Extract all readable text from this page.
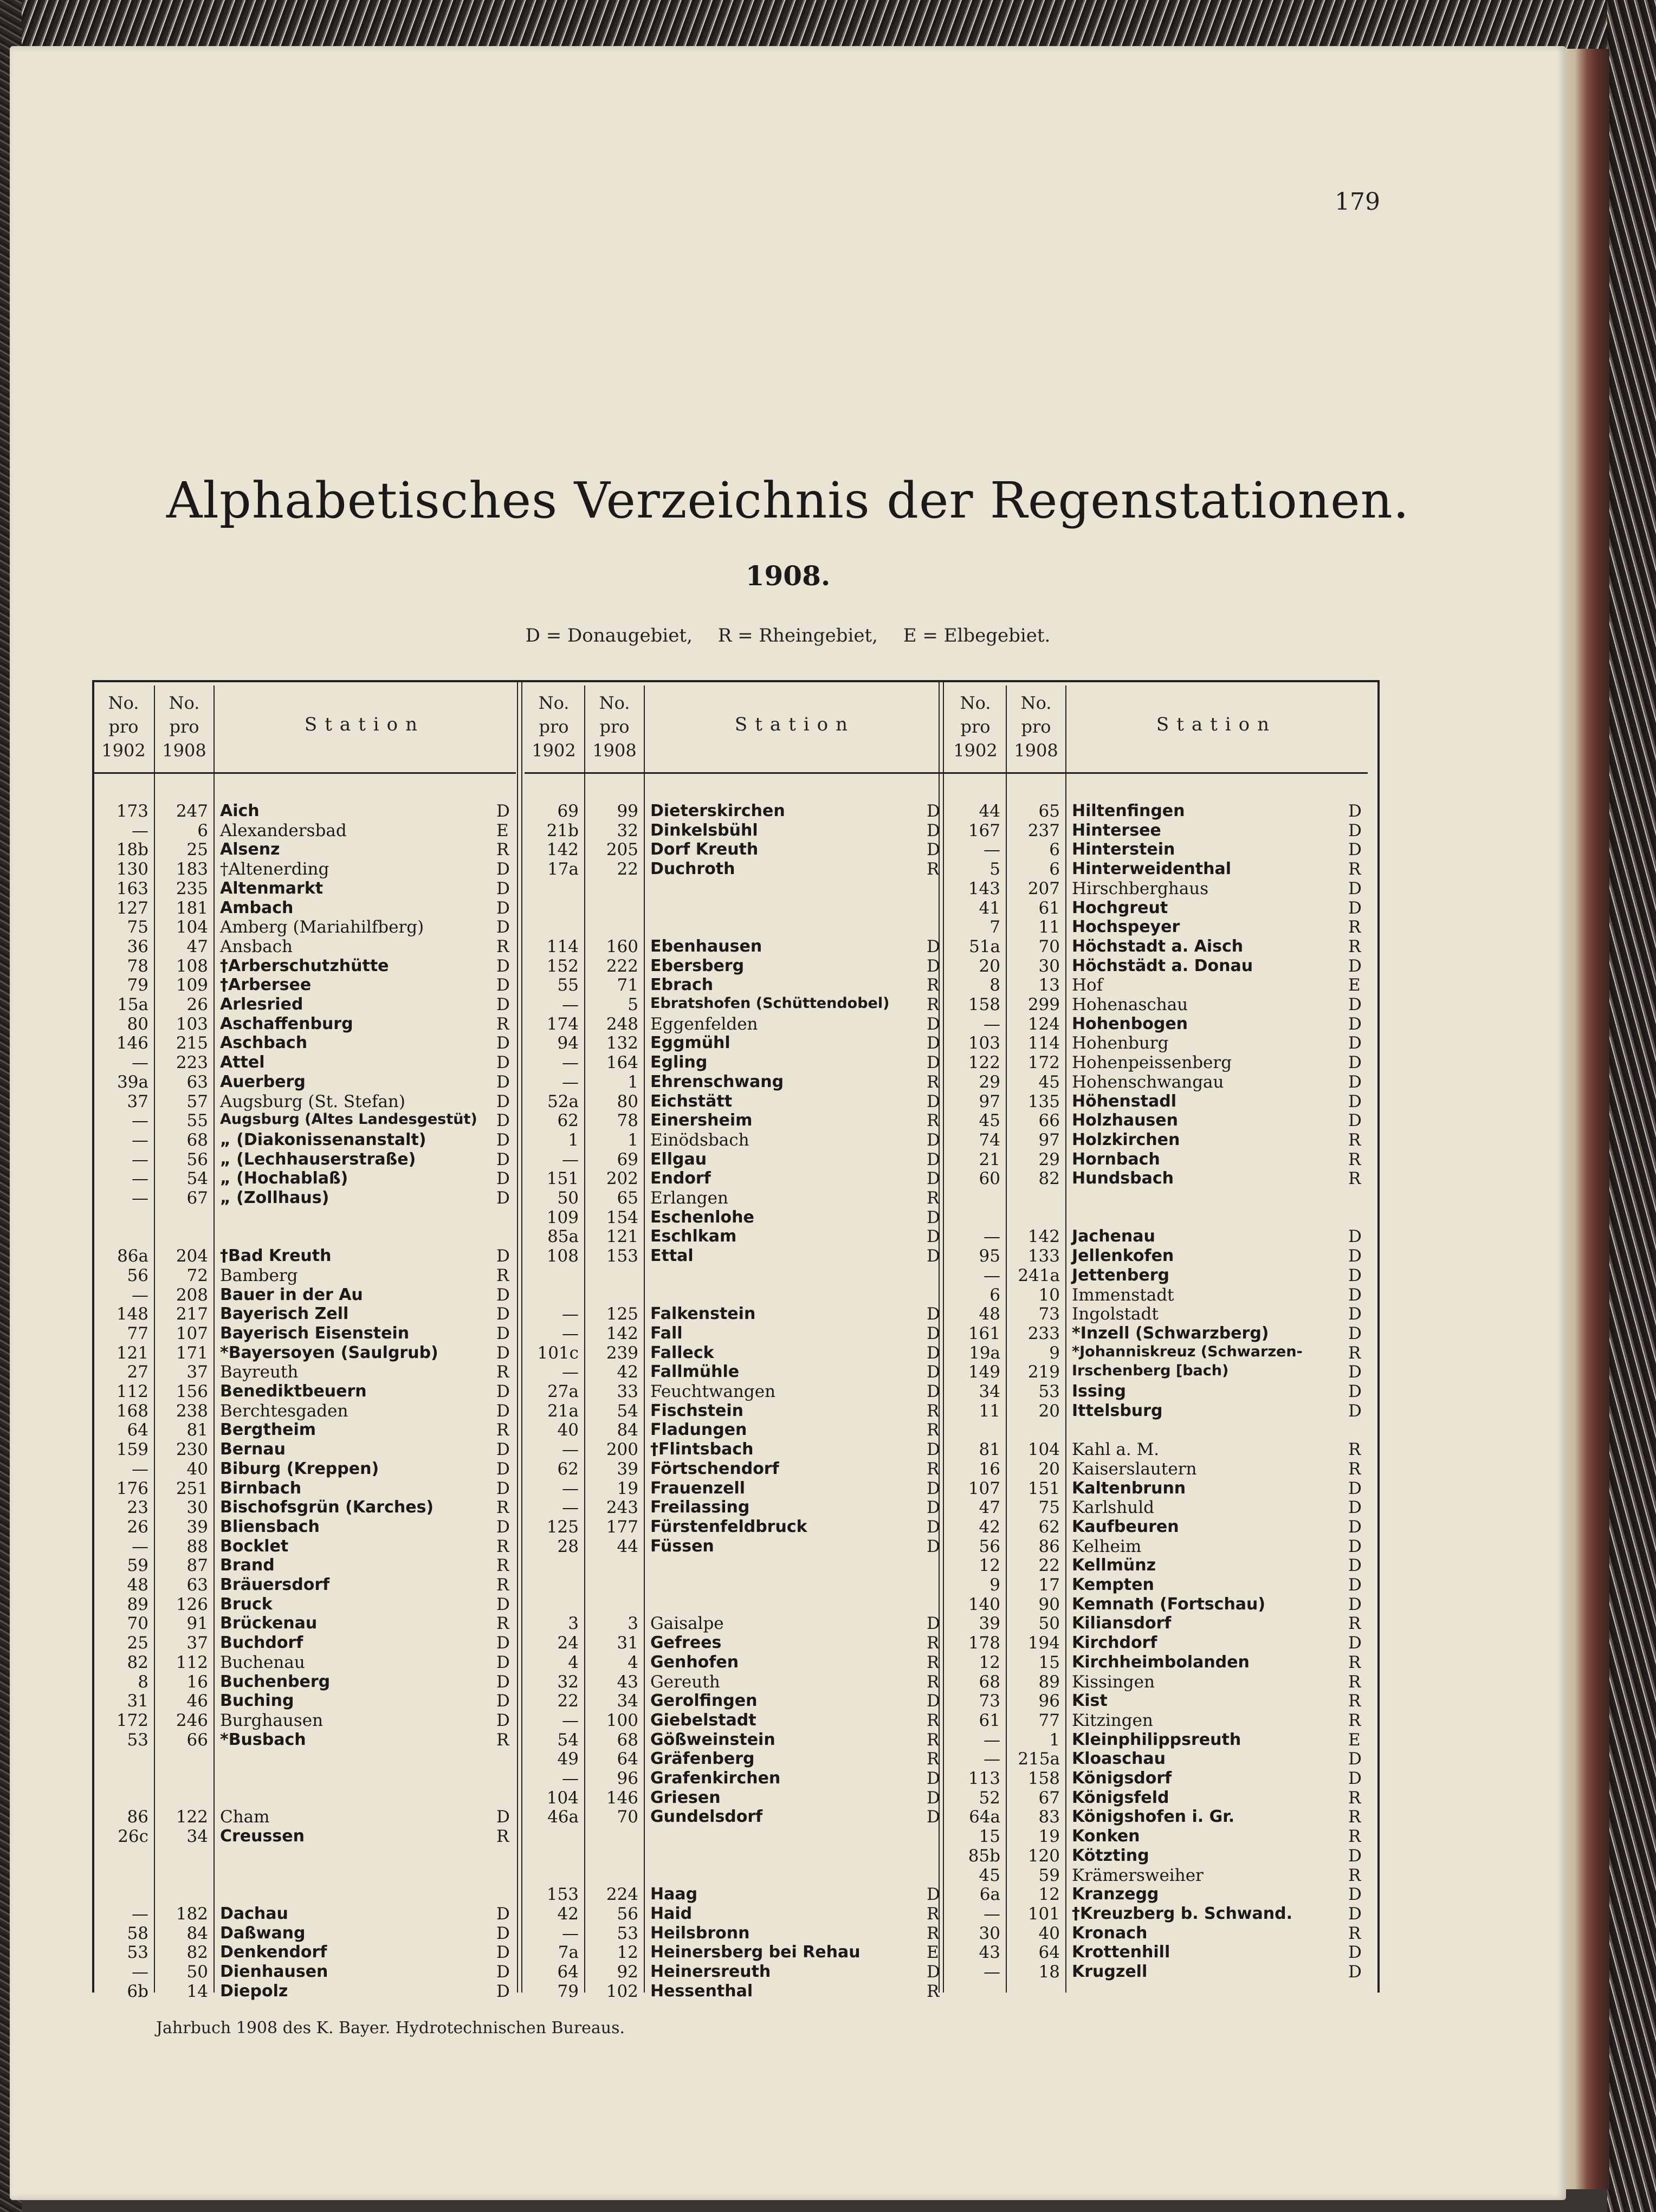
179
Alphabetisches Verzeichnis der Regenstationen.
1908.
D = Donaugebiet, R = Rheingebiet, E = Elbegebiet.
No.
pro
1902
No.
pro
1908
Station
173	247 Aich	D
—	6 Alexandersbad	E
18b	25 Alsenz	R
130	183 †Altenerding	D
163	235 Altenmarkt	D
127	181 Ambach	D
75	104 Amberg (Mariahilfberg)	D
36	47 Ansbach	R
78	108 †Arberschutzhütte	D
79	109 †Arbersee	D
15a	26 Arlesried	D
80	103 Aschaffenburg	R
146	215 Aschbach	D
—	223 Attel	D
39a	63 Auerberg	D
37	57 Augsburg (St. Stefan)	D
—	55 Augsburg (Altes Landesgestüt)	D
—	68 „ (Diakonissenanstalt)	D
—	56 „ (Lechhauserstraße)	D
—	54 „ (Hochablaß)	D
—	67 „ (Zollhaus)	D
86a	204 †Bad Kreuth	D
56	72 Bamberg	R
—	208 Bauer in der Au	D
148	217 Bayerisch Zell	D
77	107 Bayerisch Eisenstein	D
121	171 *Bayersoyen (Saulgrub)	D
27	37 Bayreuth	R
112	156 Benediktbeuern	D
168	238 Berchtesgaden	D
64	81 Bergtheim	R
159	230 Bernau	D
—	40 Biburg (Kreppen)	D
176	251 Birnbach	D
23	30 Bischofsgrün (Karches)	R
26	39 Bliensbach	D
—	88 Bocklet	R
59	87 Brand	R
48	63 Bräuersdorf	R
89	126 Bruck	D
70	91 Brückenau	R
25	37 Buchdorf	D
82	112 Buchenau	D
8	16 Buchenberg	D
31	46 Buching	D
172	246 Burghausen	D
53	66 *Busbach	R
86	122 Cham	D
26c	34 Creussen	R
—	182 Dachau	D
58	84 Daßwang	D
53	82 Denkendorf	D
—	50 Dienhausen	D
6b	14 Diepolz	D
No.
pro
1902
No.
pro
1908
Station
69	99 Dieterskirchen	D
21b	32 Dinkelsbühl	D
142	205 Dorf Kreuth	D
17a	22 Duchroth	R
114	160 Ebenhausen	D
152	222 Ebersberg	D
55	71 Ebrach	R
—	5 Ebratshofen (Schüttendobel)	R
174	248 Eggenfelden	D
94	132 Eggmühl	D
—	164 Egling	D
—	1 Ehrenschwang	R
52a	80 Eichstätt	D
62	78 Einersheim	R
1	1 Einödsbach	D
—	69 Ellgau	D
151	202 Endorf	D
50	65 Erlangen	R
109	154 Eschenlohe	D
85a	121 Eschlkam	D
108	153 Ettal	D
—	125 Falkenstein	D
—	142 Fall	D
101c	239 Falleck	D
—	42 Fallmühle	D
27a	33 Feuchtwangen	D
21a	54 Fischstein	R
40	84 Fladungen	R
—	200 †Flintsbach	D
62	39 Förtschendorf	R
—	19 Frauenzell	D
—	243 Freilassing	D
125	177 Fürstenfeldbruck	D
28	44 Füssen	D
3	3 Gaisalpe	D
24	31 Gefrees	R
4	4 Genhofen	R
32	43 Gereuth	R
22	34 Gerolfingen	D
—	100 Giebelstadt	R
54	68 Gößweinstein	R
49	64 Gräfenberg	R
—	96 Grafenkirchen	D
104	146 Griesen	D
46a	70 Gundelsdorf	D
153	224 Haag	D
42	56 Haid	R
—	53 Heilsbronn	R
7a	12 Heinersberg bei Rehau	E
64	92 Heinersreuth	D
79	102 Hessenthal	R
No.
pro
1902
No.
pro
1908
Station
44	65 Hiltenfingen	D
167	237 Hintersee	D
—	6 Hinterstein	D
5	6 Hinterweidenthal	R
143	207 Hirschberghaus	D
41	61 Hochgreut	D
7	11 Hochspeyer	R
51a	70 Höchstadt a. Aisch	R
20	30 Höchstädt a. Donau	D
8	13 Hof	E
158	299 Hohenaschau	D
—	124 Hohenbogen	D
103	114 Hohenburg	D
122	172 Hohenpeissenberg	D
29	45 Hohenschwangau	D
97	135 Höhenstadl	D
45	66 Holzhausen	D
74	97 Holzkirchen	R
21	29 Hornbach	R
60	82 Hundsbach	R
—	142 Jachenau	D
95	133 Jellenkofen	D
—	241a Jettenberg	D
6	10 Immenstadt	D
48	73 Ingolstadt	D
161	233 *Inzell (Schwarzberg)	D
19a	9 *Johanniskreuz (Schwarzen-	R
149	219 Irschenberg [bach)	D
34	53 Issing	D
11	20 Ittelsburg	D
81	104 Kahl a. M.	R
16	20 Kaiserslautern	R
107	151 Kaltenbrunn	D
47	75 Karlshuld	D
42	62 Kaufbeuren	D
56	86 Kelheim	D
12	22 Kellmünz	D
9	17 Kempten	D
140	90 Kemnath (Fortschau)	D
39	50 Kiliansdorf	R
178	194 Kirchdorf	D
12	15 Kirchheimbolanden	R
68	89 Kissingen	R
73	96 Kist	R
61	77 Kitzingen	R
—	1 Kleinphilippsreuth	E
—	215a Kloaschau	D
113	158 Königsdorf	D
52	67 Königsfeld	R
64a	83 Königshofen i. Gr.	R
15	19 Konken	R
85b	120 Kötzting	D
45	59 Krämersweiher	R
6a	12 Kranzegg	D
—	101 †Kreuzberg b. Schwand.	D
30	40 Kronach	R
43	64 Krottenhill	D
—	18 Krugzell	D
Jahrbuch 1908 des K. Bayer. Hydrotechnischen Bureaus.
